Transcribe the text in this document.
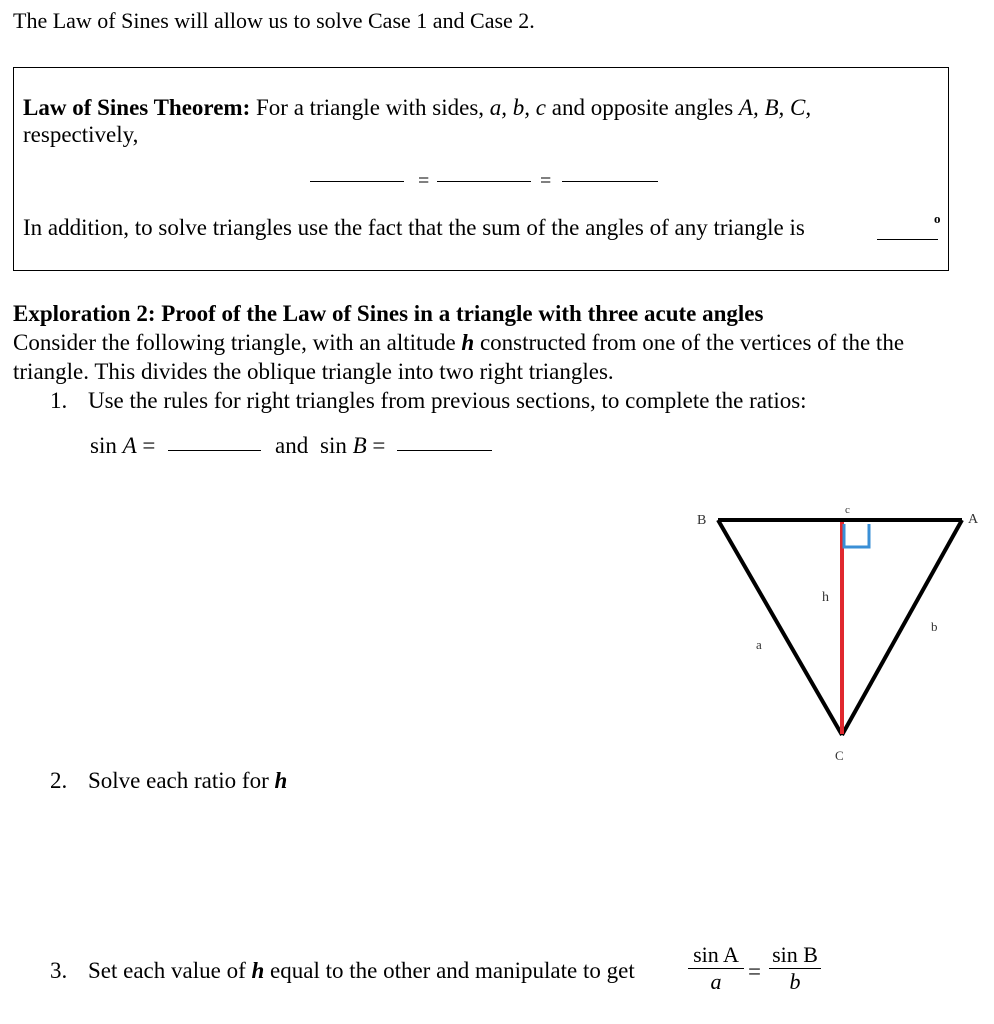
The Law of Sines will allow us to solve Case 1 and Case 2.
Law of Sines Theorem: For a triangle with sides, a, b, c and opposite angles A, B, C,
respectively,
=	=
In addition, to solve triangles use the fact that the sum of the angles of any triangle is	o
Exploration 2: Proof of the Law of Sines in a triangle with three acute angles
Consider the following triangle, with an altitude h constructed from one of the vertices of the the
triangle. This divides the oblique triangle into two right triangles.
1. Use the rules for right triangles from previous sections, to complete the ratios:
sin A =	and sin B =
B	A
C
c
a
b
h
2. Solve each ratio for h
3. Set each value of h equal to the other and manipulate to get $\frac{\text{sin A}}{a} = \frac{\text{sin B}}{b}$
